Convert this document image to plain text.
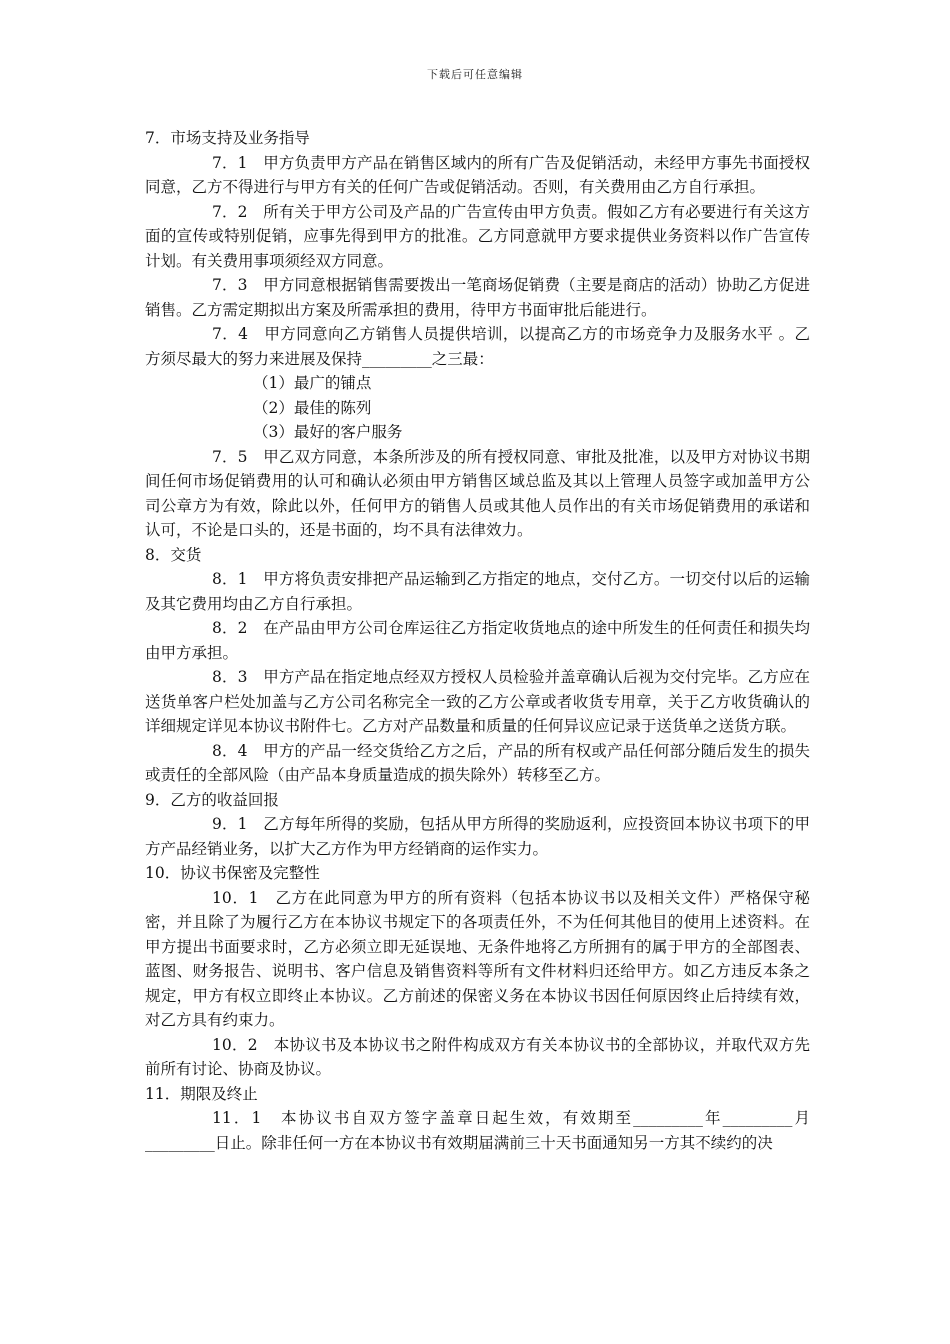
下载后可任意编辑

7．市场支持及业务指导

7．1　甲方负责甲方产品在销售区域内的所有广告及促销活动，未经甲方事先书面授权同意，乙方不得进行与甲方有关的任何广告或促销活动。否则，有关费用由乙方自行承担。

7．2　所有关于甲方公司及产品的广告宣传由甲方负责。假如乙方有必要进行有关这方面的宣传或特别促销，应事先得到甲方的批准。乙方同意就甲方要求提供业务资料以作广告宣传计划。有关费用事项须经双方同意。

7．3　甲方同意根据销售需要拨出一笔商场促销费（主要是商店的活动）协助乙方促进销售。乙方需定期拟出方案及所需承担的费用，待甲方书面审批后能进行。

7．4　甲方同意向乙方销售人员提供培训，以提高乙方的市场竞争力及服务水平 。乙方须尽最大的努力来进展及保持_________之三最：

（1）最广的铺点

（2）最佳的陈列

（3）最好的客户服务

7．5　甲乙双方同意，本条所涉及的所有授权同意、审批及批准，以及甲方对协议书期间任何市场促销费用的认可和确认必须由甲方销售区域总监及其以上管理人员签字或加盖甲方公司公章方为有效，除此以外，任何甲方的销售人员或其他人员作出的有关市场促销费用的承诺和认可，不论是口头的，还是书面的，均不具有法律效力。

8．交货

8．1　甲方将负责安排把产品运输到乙方指定的地点，交付乙方。一切交付以后的运输及其它费用均由乙方自行承担。

8．2　在产品由甲方公司仓库运往乙方指定收货地点的途中所发生的任何责任和损失均由甲方承担。

8．3　甲方产品在指定地点经双方授权人员检验并盖章确认后视为交付完毕。乙方应在送货单客户栏处加盖与乙方公司名称完全一致的乙方公章或者收货专用章，关于乙方收货确认的详细规定详见本协议书附件七。乙方对产品数量和质量的任何异议应记录于送货单之送货方联。

8．4　甲方的产品一经交货给乙方之后，产品的所有权或产品任何部分随后发生的损失或责任的全部风险（由产品本身质量造成的损失除外）转移至乙方。

9．乙方的收益回报

9．1　乙方每年所得的奖励，包括从甲方所得的奖励返利，应投资回本协议书项下的甲方产品经销业务，以扩大乙方作为甲方经销商的运作实力。

10．协议书保密及完整性

10．1　乙方在此同意为甲方的所有资料（包括本协议书以及相关文件）严格保守秘密，并且除了为履行乙方在本协议书规定下的各项责任外，不为任何其他目的使用上述资料。在甲方提出书面要求时，乙方必须立即无延误地、无条件地将乙方所拥有的属于甲方的全部图表、蓝图、财务报告、说明书、客户信息及销售资料等所有文件材料归还给甲方。如乙方违反本条之规定，甲方有权立即终止本协议。乙方前述的保密义务在本协议书因任何原因终止后持续有效，对乙方具有约束力。

10．2　本协议书及本协议书之附件构成双方有关本协议书的全部协议，并取代双方先前所有讨论、协商及协议。

11．期限及终止

11．1　本协议书自双方签字盖章日起生效，有效期至_________年_________月_________日止。除非任何一方在本协议书有效期届满前三十天书面通知另一方其不续约的决
